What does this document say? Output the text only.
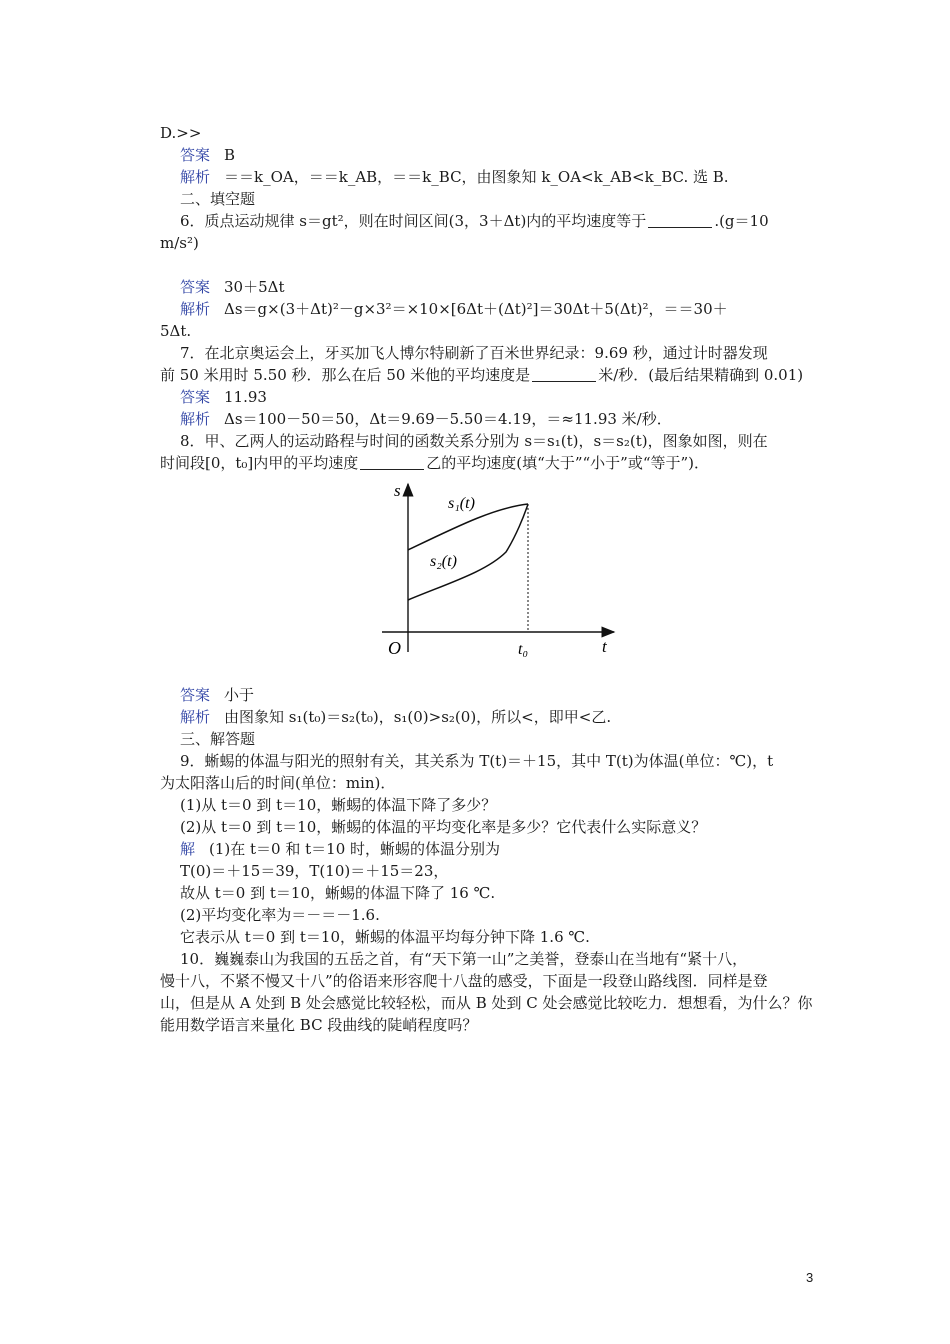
D.>>
答案 B
解析 ＝＝k_OA，＝＝k_AB，＝＝k_BC，由图象知 k_OA<k_AB<k_BC. 选 B.
二、填空题
6．质点运动规律 s＝gt²，则在时间区间(3，3＋Δt)内的平均速度等于	.(g＝10
m/s²)
答案 30＋5Δt
解析 Δs＝g×(3＋Δt)²－g×3²＝×10×[6Δt＋(Δt)²]＝30Δt＋5(Δt)²，＝＝30＋
5Δt.
7．在北京奥运会上，牙买加飞人博尔特刷新了百米世界纪录：9.69 秒，通过计时器发现
前 50 米用时 5.50 秒．那么在后 50 米他的平均速度是	米/秒．(最后结果精确到 0.01)
答案 11.93
解析 Δs＝100－50＝50，Δt＝9.69－5.50＝4.19，＝≈11.93 米/秒．
8．甲、乙两人的运动路程与时间的函数关系分别为 s＝s₁(t)，s＝s₂(t)，图象如图，则在
时间段[0，t₀]内甲的平均速度	乙的平均速度(填“大于”“小于”或“等于”)．
s
t
O	t₀
s₁(t)
s₂(t)
答案 小于
解析 由图象知 s₁(t₀)＝s₂(t₀)，s₁(0)>s₂(0)，所以<，即甲<乙.
三、解答题
9．蜥蜴的体温与阳光的照射有关，其关系为 T(t)＝＋15，其中 T(t)为体温(单位：℃)，t
为太阳落山后的时间(单位：min)．
(1)从 t＝0 到 t＝10，蜥蜴的体温下降了多少？
(2)从 t＝0 到 t＝10，蜥蜴的体温的平均变化率是多少？它代表什么实际意义？
解 (1)在 t＝0 和 t＝10 时，蜥蜴的体温分别为
T(0)＝＋15＝39，T(10)＝＋15＝23，
故从 t＝0 到 t＝10，蜥蜴的体温下降了 16 ℃.
(2)平均变化率为＝－＝－1.6.
它表示从 t＝0 到 t＝10，蜥蜴的体温平均每分钟下降 1.6 ℃.
10．巍巍泰山为我国的五岳之首，有“天下第一山”之美誉，登泰山在当地有“紧十八，
慢十八，不紧不慢又十八”的俗语来形容爬十八盘的感受，下面是一段登山路线图．同样是登
山，但是从 A 处到 B 处会感觉比较轻松，而从 B 处到 C 处会感觉比较吃力．想想看，为什么？你
能用数学语言来量化 BC 段曲线的陡峭程度吗？
3
